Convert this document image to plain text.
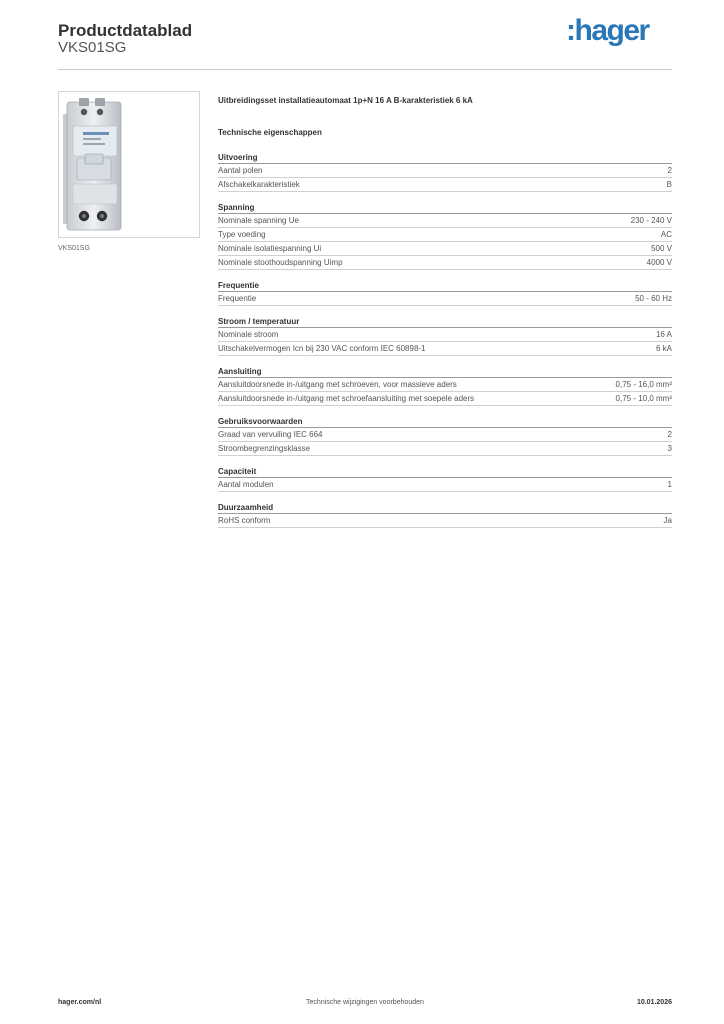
Productdatablad
VKS01SG
:hager
VKS01SG
Uitbreidingsset installatieautomaat 1p+N 16 A B-karakteristiek 6 kA
Technische eigenschappen
Uitvoering
Aantal polen	2
Afschakelkarakteristiek	B
Spanning
Nominale spanning Ue	230 - 240 V
Type voeding	AC
Nominale isolatiespanning Ui	500 V
Nominale stoothoudspanning Uimp	4000 V
Frequentie
Frequentie	50 - 60 Hz
Stroom / temperatuur
Nominale stroom	16 A
Uitschakelvermogen Icn bij 230 VAC conform IEC 60898-1	6 kA
Aansluiting
Aansluitdoorsnede in-/uitgang met schroeven, voor massieve aders	0,75 - 16,0 mm²
Aansluitdoorsnede in-/uitgang met schroefaansluiting met soepele aders	0,75 - 10,0 mm²
Gebruiksvoorwaarden
Graad van vervuiling IEC 664	2
Stroombegrenzingsklasse	3
Capaciteit
Aantal modulen	1
Duurzaamheid
RoHS conform	Ja
Technische wijzigingen voorbehouden
hager.com/nl	10.01.2026
